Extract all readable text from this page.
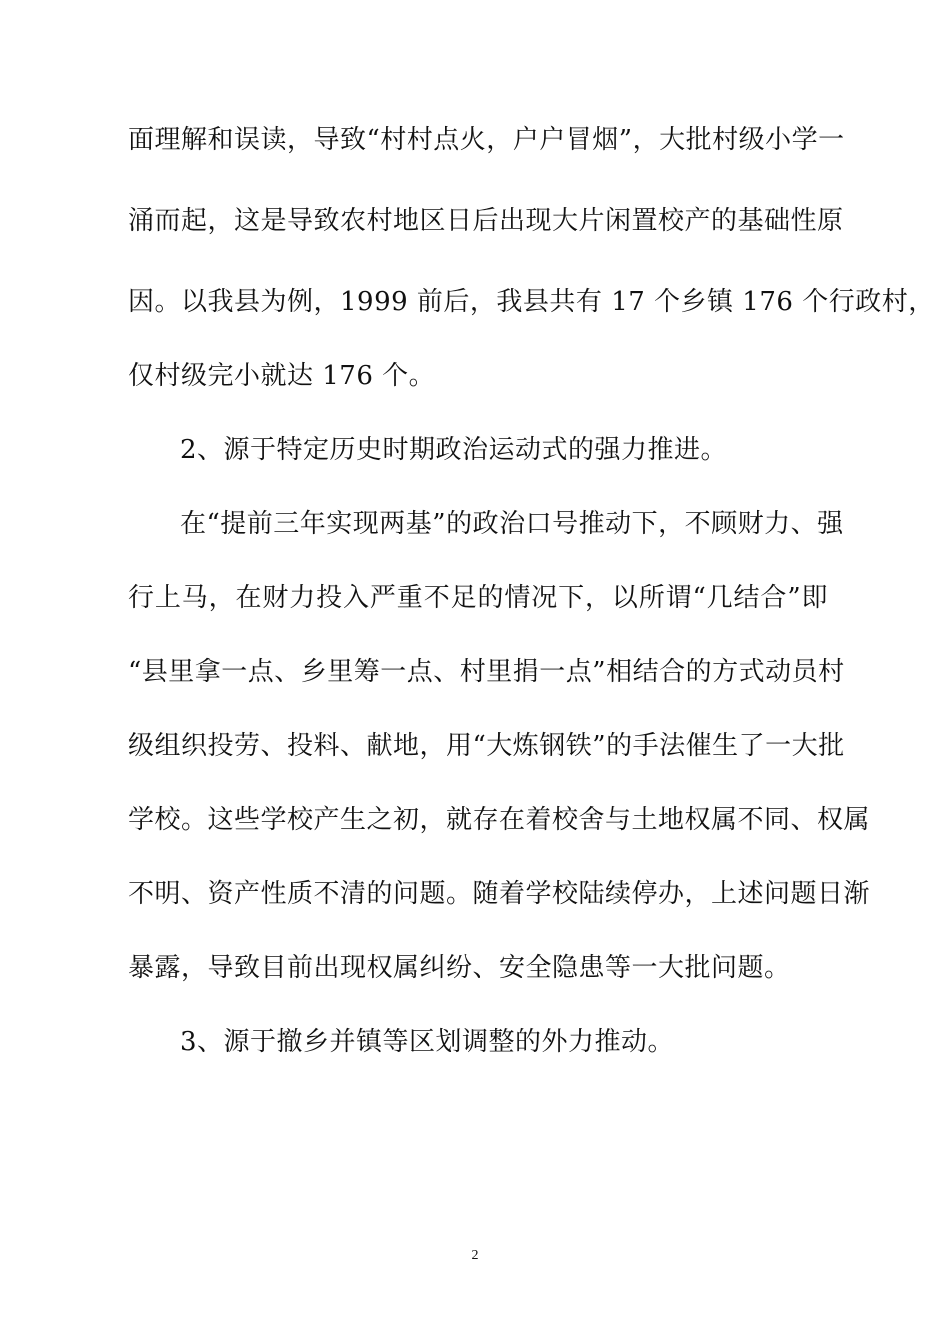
面理解和误读，导致“村村点火，户户冒烟”，大批村级小学一
涌而起，这是导致农村地区日后出现大片闲置校产的基础性原
因。以我县为例，1999 前后，我县共有 17 个乡镇 176 个行政村，
仅村级完小就达 176 个。
2、源于特定历史时期政治运动式的强力推进。
在“提前三年实现两基”的政治口号推动下，不顾财力、强
行上马，在财力投入严重不足的情况下，以所谓“几结合”即
“县里拿一点、乡里筹一点、村里捐一点”相结合的方式动员村
级组织投劳、投料、献地，用“大炼钢铁”的手法催生了一大批
学校。这些学校产生之初，就存在着校舍与土地权属不同、权属
不明、资产性质不清的问题。随着学校陆续停办，上述问题日渐
暴露，导致目前出现权属纠纷、安全隐患等一大批问题。
3、源于撤乡并镇等区划调整的外力推动。
2
